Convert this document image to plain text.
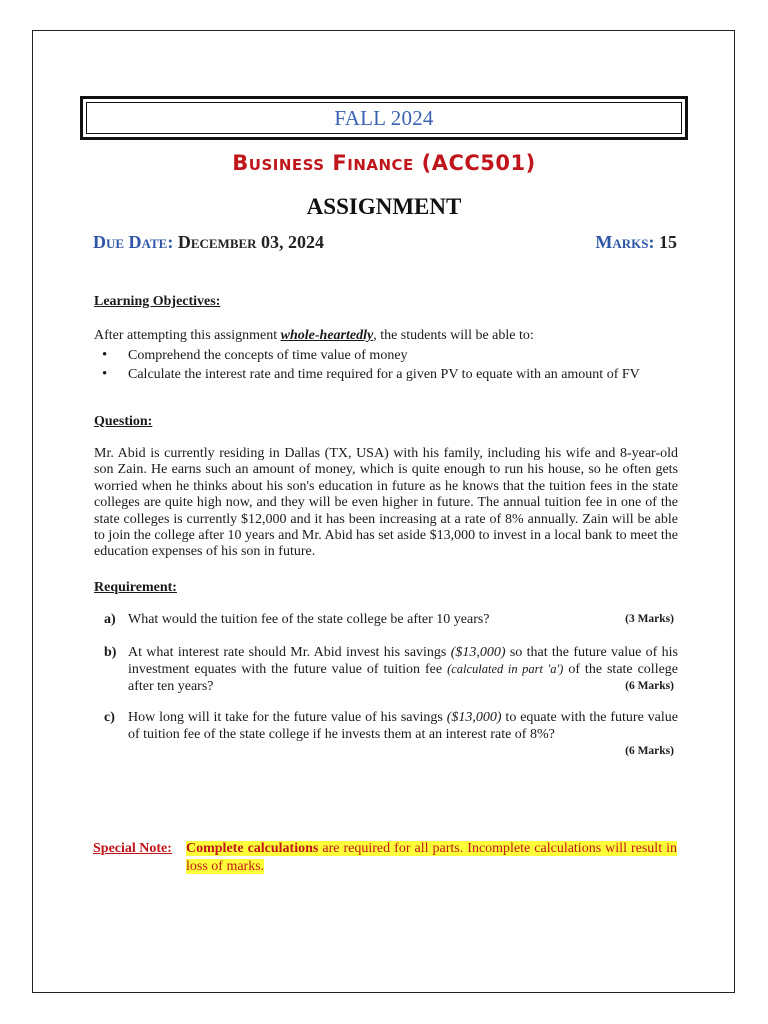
FALL 2024
Business Finance (ACC501)
ASSIGNMENT
Due Date: December 03, 2024	Marks: 15
Learning Objectives:
After attempting this assignment whole-heartedly, the students will be able to:
• Comprehend the concepts of time value of money
• Calculate the interest rate and time required for a given PV to equate with an amount of FV
Question:
Mr. Abid is currently residing in Dallas (TX, USA) with his family, including his wife and 8-year-old son Zain. He earns such an amount of money, which is quite enough to run his house, so he often gets worried when he thinks about his son's education in future as he knows that the tuition fees in the state colleges are quite high now, and they will be even higher in future. The annual tuition fee in one of the state colleges is currently $12,000 and it has been increasing at a rate of 8% annually. Zain will be able to join the college after 10 years and Mr. Abid has set aside $13,000 to invest in a local bank to meet the education expenses of his son in future.
Requirement:
a) What would the tuition fee of the state college be after 10 years?	(3 Marks)
b) At what interest rate should Mr. Abid invest his savings ($13,000) so that the future value of his investment equates with the future value of tuition fee (calculated in part 'a') of the state college after ten years?	(6 Marks)
c) How long will it take for the future value of his savings ($13,000) to equate with the future value of tuition fee of the state college if he invests them at an interest rate of 8%?
(6 Marks)
Special Note: Complete calculations are required for all parts. Incomplete calculations will result in loss of marks.
